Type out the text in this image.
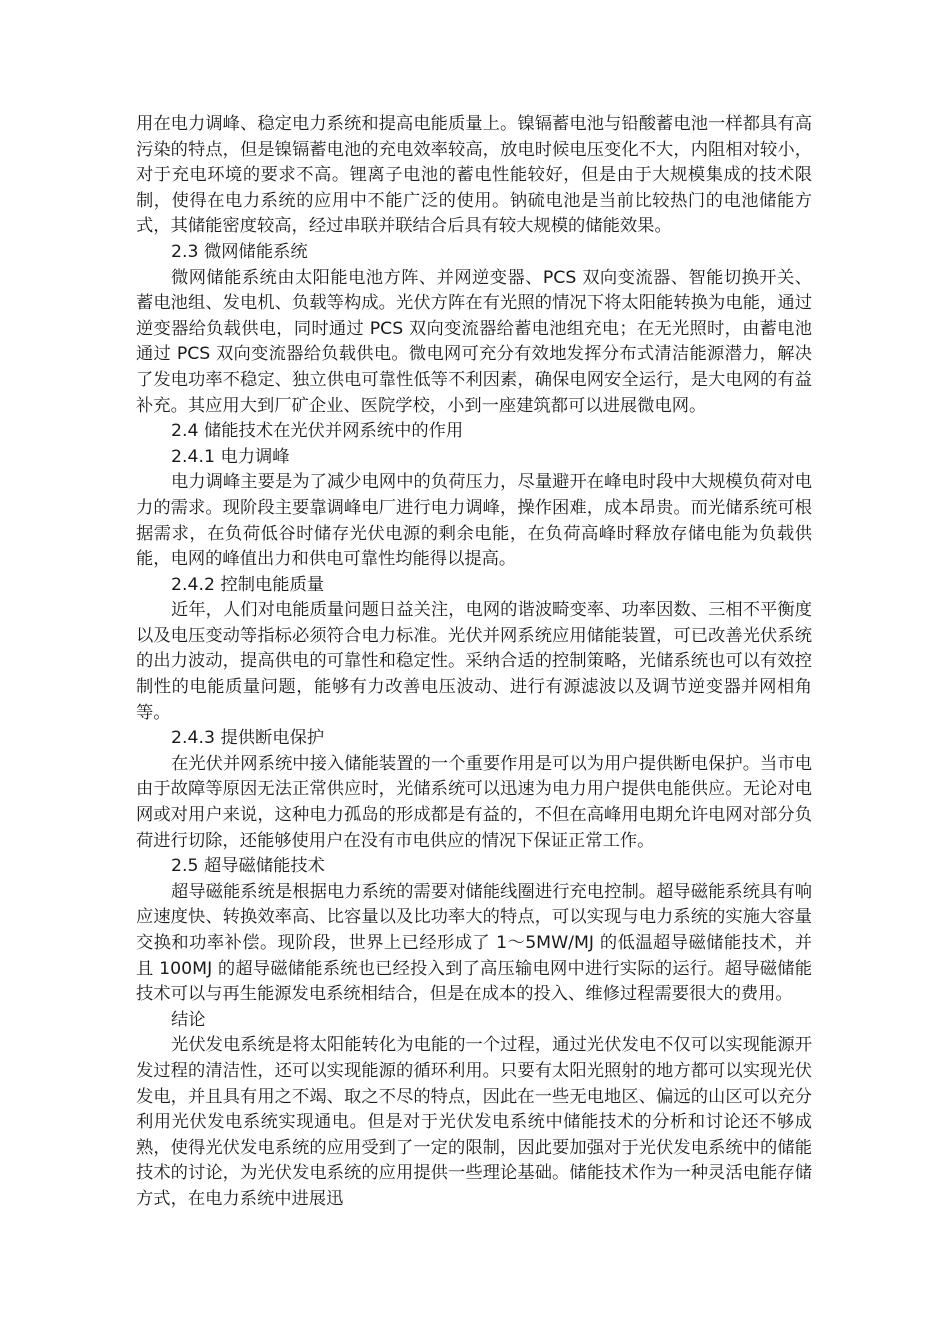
用在电力调峰、稳定电力系统和提高电能质量上。镍镉蓄电池与铅酸蓄电池一样都具有高污染的特点，但是镍镉蓄电池的充电效率较高，放电时候电压变化不大，内阻相对较小，对于充电环境的要求不高。锂离子电池的蓄电性能较好，但是由于大规模集成的技术限制，使得在电力系统的应用中不能广泛的使用。钠硫电池是当前比较热门的电池储能方式，其储能密度较高，经过串联并联结合后具有较大规模的储能效果。

2.3 微网储能系统

微网储能系统由太阳能电池方阵、并网逆变器、PCS 双向变流器、智能切换开关、蓄电池组、发电机、负载等构成。光伏方阵在有光照的情况下将太阳能转换为电能，通过逆变器给负载供电，同时通过 PCS 双向变流器给蓄电池组充电；在无光照时，由蓄电池通过 PCS 双向变流器给负载供电。微电网可充分有效地发挥分布式清洁能源潜力，解决了发电功率不稳定、独立供电可靠性低等不利因素，确保电网安全运行，是大电网的有益补充。其应用大到厂矿企业、医院学校，小到一座建筑都可以进展微电网。

2.4 储能技术在光伏并网系统中的作用

2.4.1 电力调峰

电力调峰主要是为了减少电网中的负荷压力，尽量避开在峰电时段中大规模负荷对电力的需求。现阶段主要靠调峰电厂进行电力调峰，操作困难，成本昂贵。而光储系统可根据需求，在负荷低谷时储存光伏电源的剩余电能，在负荷高峰时释放存储电能为负载供能，电网的峰值出力和供电可靠性均能得以提高。

2.4.2 控制电能质量

近年，人们对电能质量问题日益关注，电网的谐波畸变率、功率因数、三相不平衡度以及电压变动等指标必须符合电力标准。光伏并网系统应用储能装置，可已改善光伏系统的出力波动，提高供电的可靠性和稳定性。采纳合适的控制策略，光储系统也可以有效控制性的电能质量问题，能够有力改善电压波动、进行有源滤波以及调节逆变器并网相角等。

2.4.3 提供断电保护

在光伏并网系统中接入储能装置的一个重要作用是可以为用户提供断电保护。当市电由于故障等原因无法正常供应时，光储系统可以迅速为电力用户提供电能供应。无论对电网或对用户来说，这种电力孤岛的形成都是有益的，不但在高峰用电期允许电网对部分负荷进行切除，还能够使用户在没有市电供应的情况下保证正常工作。

2.5 超导磁储能技术

超导磁能系统是根据电力系统的需要对储能线圈进行充电控制。超导磁能系统具有响应速度快、转换效率高、比容量以及比功率大的特点，可以实现与电力系统的实施大容量交换和功率补偿。现阶段，世界上已经形成了 1～5MW/MJ 的低温超导磁储能技术，并且 100MJ 的超导磁储能系统也已经投入到了高压输电网中进行实际的运行。超导磁储能技术可以与再生能源发电系统相结合，但是在成本的投入、维修过程需要很大的费用。

结论

光伏发电系统是将太阳能转化为电能的一个过程，通过光伏发电不仅可以实现能源开发过程的清洁性，还可以实现能源的循环利用。只要有太阳光照射的地方都可以实现光伏发电，并且具有用之不竭、取之不尽的特点，因此在一些无电地区、偏远的山区可以充分利用光伏发电系统实现通电。但是对于光伏发电系统中储能技术的分析和讨论还不够成熟，使得光伏发电系统的应用受到了一定的限制，因此要加强对于光伏发电系统中的储能技术的讨论，为光伏发电系统的应用提供一些理论基础。储能技术作为一种灵活电能存储方式，在电力系统中进展迅
